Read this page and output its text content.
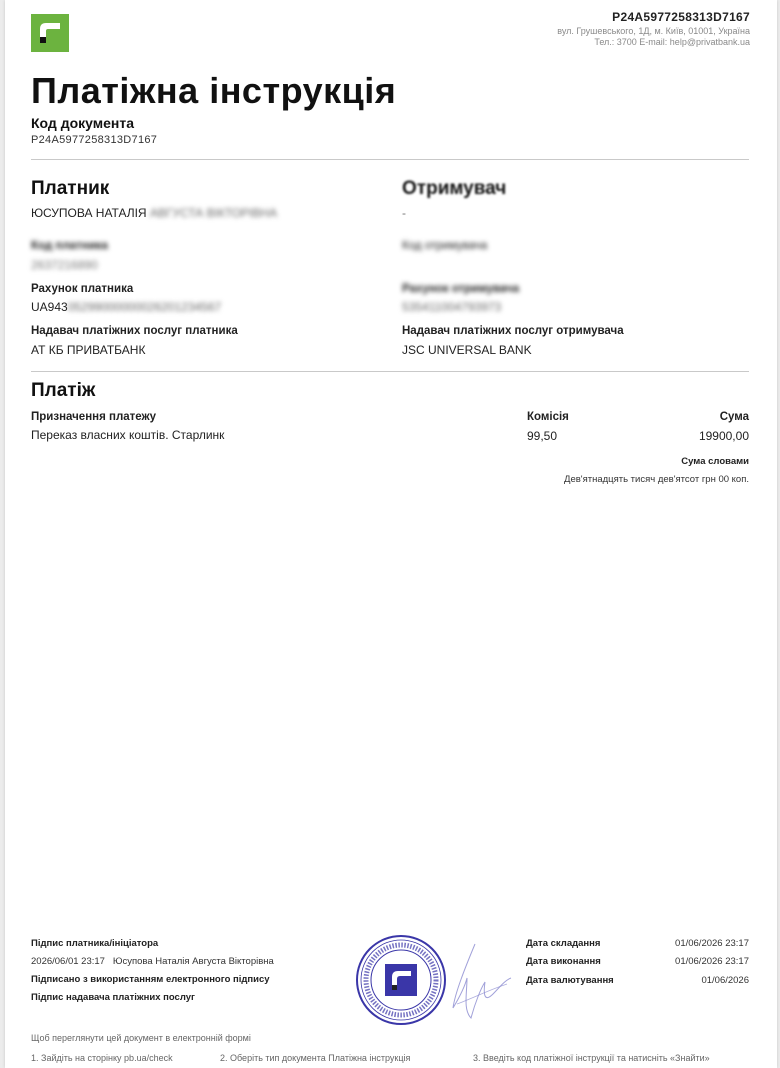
P24A5977258313D7167
вул. Грушевського, 1Д, м. Київ, 01001, Україна
Тел.: 3700 E-mail: help@privatbank.ua
Платіжна інструкція
Код документа
P24A5977258313D7167
Платник
ЮСУПОВА НАТАЛІЯ АВГУСТА ВІКТОРІВНА
Код платника
2637216890
Рахунок платника
UA94305299000000026201234567
Надавач платіжних послуг платника
АТ КБ ПРИВАТБАНК
Отримувач
-
Код отримувача
Рахунок отримувача
535411004793973
Надавач платіжних послуг отримувача
JSC UNIVERSAL BANK
Платіж
Призначення платежу
Переказ власних коштів. Старлинк
Комісія
99,50
Сума
19900,00
Сума словами
Дев'ятнадцять тисяч дев'ятсот грн 00 коп.
Підпис платника/ініціатора
2026/06/01 23:17 Юсупова Наталія Августа Вікторівна
Підписано з використанням електронного підпису
Підпис надавача платіжних послуг
Дата складання	01/06/2026 23:17
Дата виконання	01/06/2026 23:17
Дата валютування	01/06/2026
Щоб переглянути цей документ в електронній формі
1. Зайдіть на сторінку pb.ua/check	2. Оберіть тип документа Платіжна інструкція	3. Введіть код платіжної інструкції та натисніть «Знайти»
